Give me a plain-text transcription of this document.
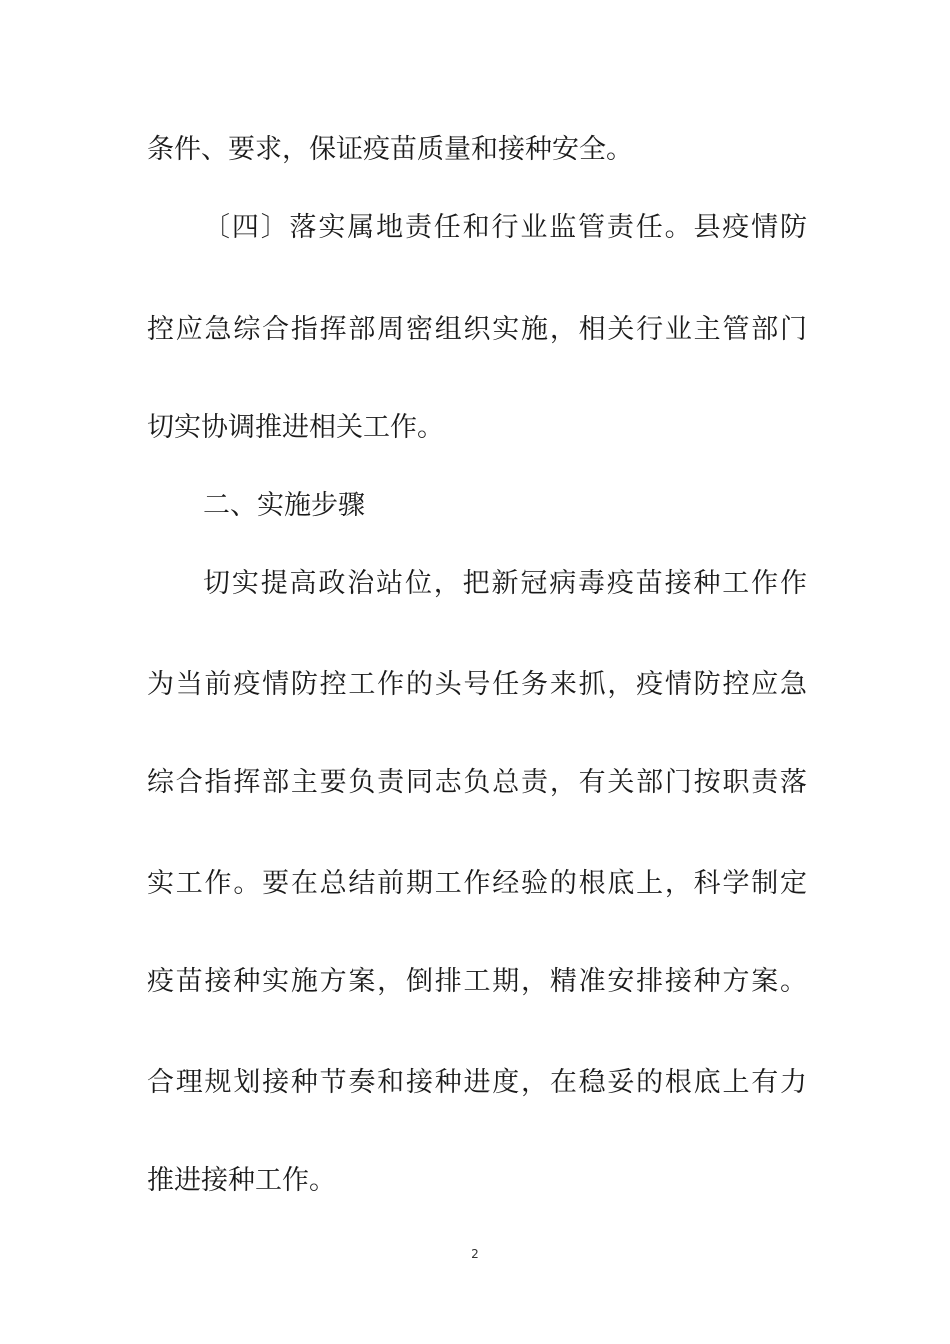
条件、要求，保证疫苗质量和接种安全。
〔四〕落实属地责任和行业监管责任。县疫情防
控应急综合指挥部周密组织实施，相关行业主管部门
切实协调推进相关工作。
二、实施步骤
切实提高政治站位，把新冠病毒疫苗接种工作作
为当前疫情防控工作的头号任务来抓，疫情防控应急
综合指挥部主要负责同志负总责，有关部门按职责落
实工作。要在总结前期工作经验的根底上，科学制定
疫苗接种实施方案，倒排工期，精准安排接种方案。
合理规划接种节奏和接种进度，在稳妥的根底上有力
推进接种工作。
2
